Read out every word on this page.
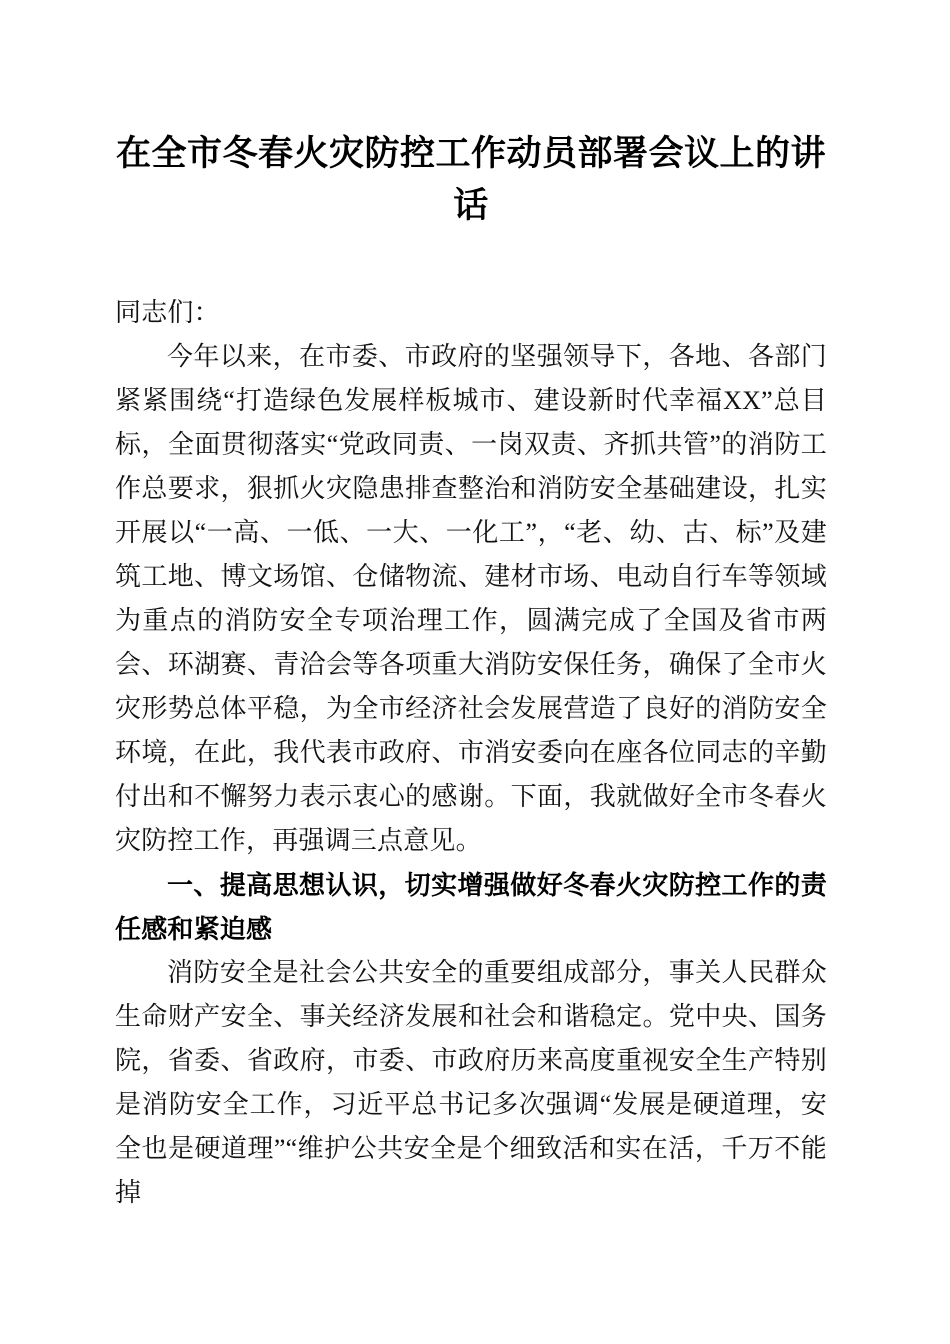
在全市冬春火灾防控工作动员部署会议上的讲话

同志们：

今年以来，在市委、市政府的坚强领导下，各地、各部门紧紧围绕“打造绿色发展样板城市、建设新时代幸福XX”总目标，全面贯彻落实“党政同责、一岗双责、齐抓共管”的消防工作总要求，狠抓火灾隐患排查整治和消防安全基础建设，扎实开展以“一高、一低、一大、一化工”，“老、幼、古、标”及建筑工地、博文场馆、仓储物流、建材市场、电动自行车等领域为重点的消防安全专项治理工作，圆满完成了全国及省市两会、环湖赛、青洽会等各项重大消防安保任务，确保了全市火灾形势总体平稳，为全市经济社会发展营造了良好的消防安全环境，在此，我代表市政府、市消安委向在座各位同志的辛勤付出和不懈努力表示衷心的感谢。下面，我就做好全市冬春火灾防控工作，再强调三点意见。

一、提高思想认识，切实增强做好冬春火灾防控工作的责任感和紧迫感

消防安全是社会公共安全的重要组成部分，事关人民群众生命财产安全、事关经济发展和社会和谐稳定。党中央、国务院，省委、省政府，市委、市政府历来高度重视安全生产特别是消防安全工作，习近平总书记多次强调“发展是硬道理，安全也是硬道理”“维护公共安全是个细致活和实在活，千万不能掉
